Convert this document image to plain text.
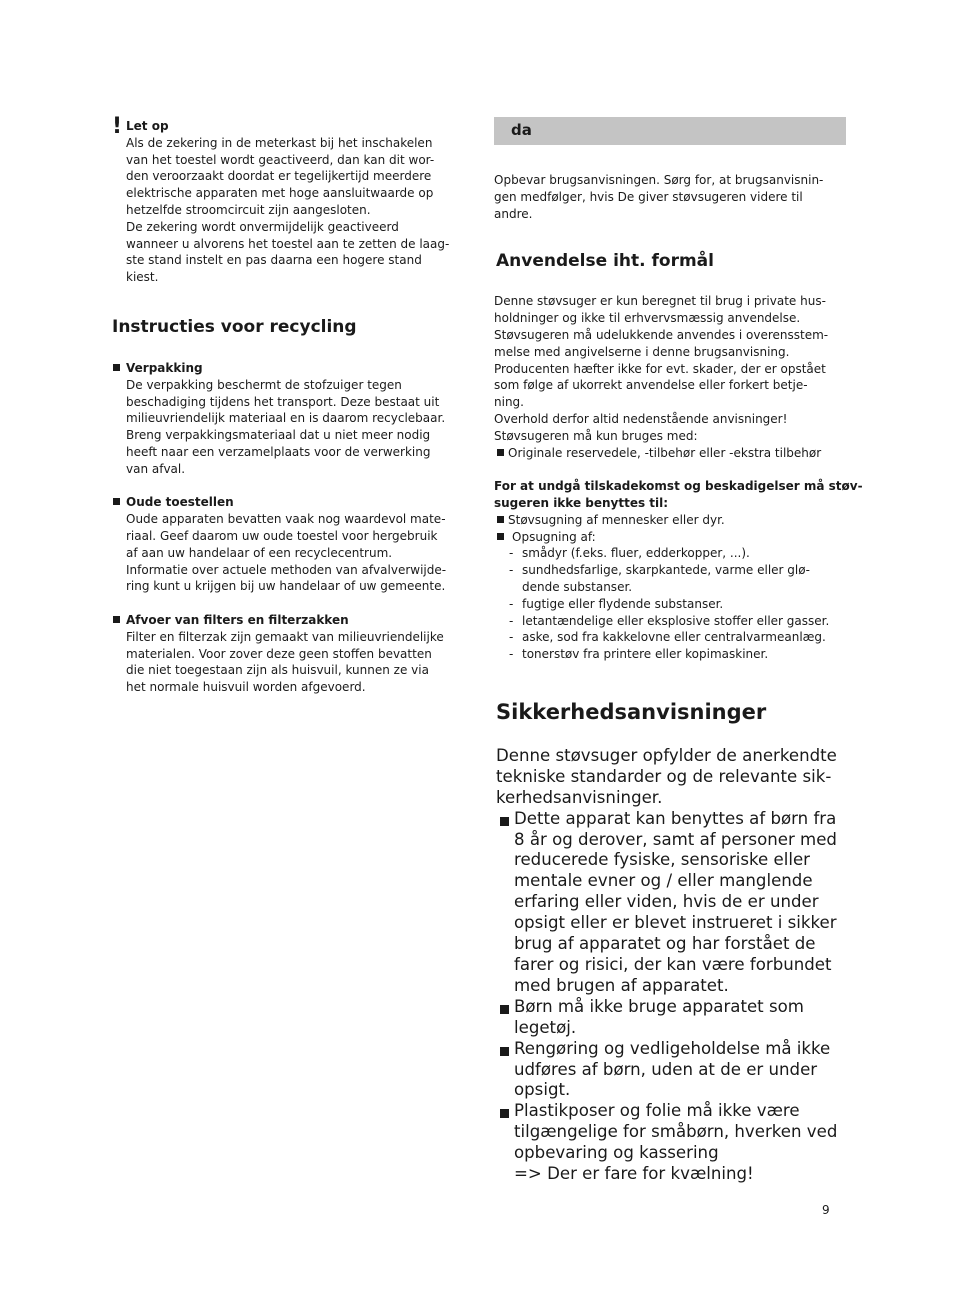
! Let op
Als de zekering in de meterkast bij het inschakelen
van het toestel wordt geactiveerd, dan kan dit wor-
den veroorzaakt doordat er tegelijkertijd meerdere
elektrische apparaten met hoge aansluitwaarde op
hetzelfde stroomcircuit zijn aangesloten.
De zekering wordt onvermijdelijk geactiveerd
wanneer u alvorens het toestel aan te zetten de laag-
ste stand instelt en pas daarna een hogere stand
kiest.
Instructies voor recycling
Verpakking
De verpakking beschermt de stofzuiger tegen
beschadiging tijdens het transport. Deze bestaat uit
milieuvriendelijk materiaal en is daarom recyclebaar.
Breng verpakkingsmateriaal dat u niet meer nodig
heeft naar een verzamelplaats voor de verwerking
van afval.
Oude toestellen
Oude apparaten bevatten vaak nog waardevol mate-
riaal. Geef daarom uw oude toestel voor hergebruik
af aan uw handelaar of een recyclecentrum.
Informatie over actuele methoden van afvalverwijde-
ring kunt u krijgen bij uw handelaar of uw gemeente.
Afvoer van filters en filterzakken
Filter en filterzak zijn gemaakt van milieuvriendelijke
materialen. Voor zover deze geen stoffen bevatten
die niet toegestaan zijn als huisvuil, kunnen ze via
het normale huisvuil worden afgevoerd.
da
Opbevar brugsanvisningen. Sørg for, at brugsanvisnin-
gen medfølger, hvis De giver støvsugeren videre til
andre.
Anvendelse iht. formål
Denne støvsuger er kun beregnet til brug i private hus-
holdninger og ikke til erhvervsmæssig anvendelse.
Støvsugeren må udelukkende anvendes i overensstem-
melse med angivelserne i denne brugsanvisning.
Producenten hæfter ikke for evt. skader, der er opstået
som følge af ukorrekt anvendelse eller forkert betje-
ning.
Overhold derfor altid nedenstående anvisninger!
Støvsugeren må kun bruges med:
Originale reservedele, -tilbehør eller -ekstra tilbehør
For at undgå tilskadekomst og beskadigelser må støv-
sugeren ikke benyttes til:
Støvsugning af mennesker eller dyr.
Opsugning af:
- smådyr (f.eks. fluer, edderkopper, ...).
- sundhedsfarlige, skarpkantede, varme eller glø-
dende substanser.
- fugtige eller flydende substanser.
- letantændelige eller eksplosive stoffer eller gasser.
- aske, sod fra kakkelovne eller centralvarmeanlæg.
- tonerstøv fra printere eller kopimaskiner.
Sikkerhedsanvisninger
Denne støvsuger opfylder de anerkendte
tekniske standarder og de relevante sik-
kerhedsanvisninger.
Dette apparat kan benyttes af børn fra
8 år og derover, samt af personer med
reducerede fysiske, sensoriske eller
mentale evner og / eller manglende
erfaring eller viden, hvis de er under
opsigt eller er blevet instrueret i sikker
brug af apparatet og har forstået de
farer og risici, der kan være forbundet
med brugen af apparatet.
Børn må ikke bruge apparatet som
legetøj.
Rengøring og vedligeholdelse må ikke
udføres af børn, uden at de er under
opsigt.
Plastikposer og folie må ikke være
tilgængelige for småbørn, hverken ved
opbevaring og kassering
=> Der er fare for kvælning!
9
